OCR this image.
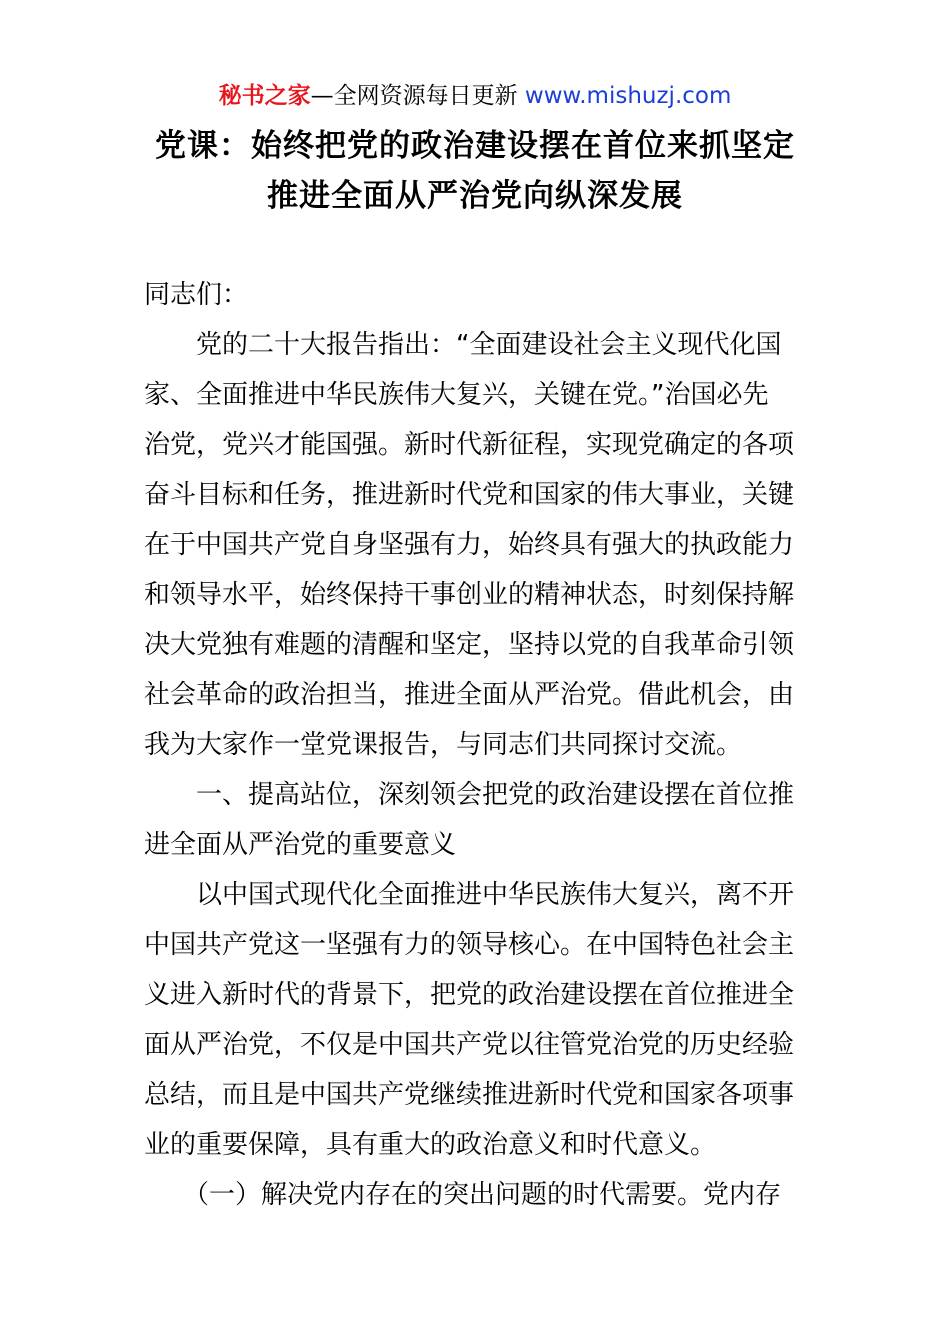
秘书之家—全网资源每日更新 www.mishuzj.com
党课：始终把党的政治建设摆在首位来抓坚定
推进全面从严治党向纵深发展
同志们：
　　党的二十大报告指出：“全面建设社会主义现代化国
家、全面推进中华民族伟大复兴，关键在党。”治国必先
治党，党兴才能国强。新时代新征程，实现党确定的各项
奋斗目标和任务，推进新时代党和国家的伟大事业，关键
在于中国共产党自身坚强有力，始终具有强大的执政能力
和领导水平，始终保持干事创业的精神状态，时刻保持解
决大党独有难题的清醒和坚定，坚持以党的自我革命引领
社会革命的政治担当，推进全面从严治党。借此机会，由
我为大家作一堂党课报告，与同志们共同探讨交流。
　　一、提高站位，深刻领会把党的政治建设摆在首位推
进全面从严治党的重要意义
　　以中国式现代化全面推进中华民族伟大复兴，离不开
中国共产党这一坚强有力的领导核心。在中国特色社会主
义进入新时代的背景下，把党的政治建设摆在首位推进全
面从严治党，不仅是中国共产党以往管党治党的历史经验
总结，而且是中国共产党继续推进新时代党和国家各项事
业的重要保障，具有重大的政治意义和时代意义。
　　（一）解决党内存在的突出问题的时代需要。党内存
